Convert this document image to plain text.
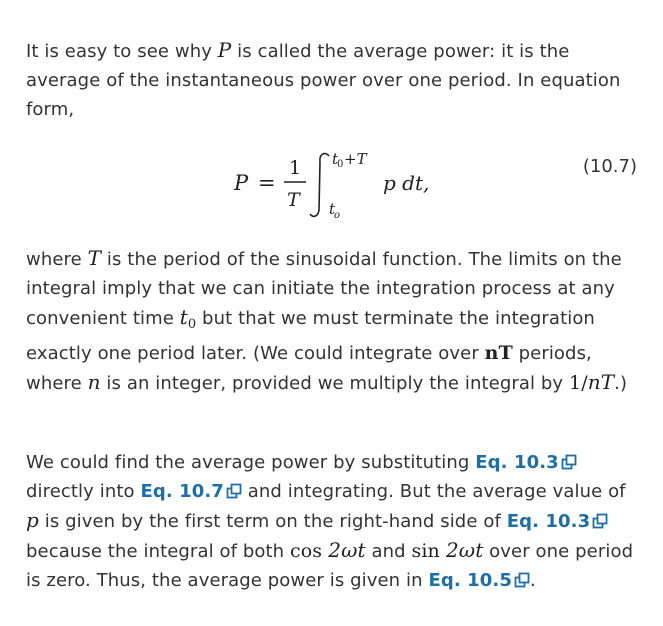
It is easy to see why P is called the average power: it is the average of the instantaneous power over one period. In equation form,

P =
1
T
t
0 +T
t
o
p dt,
(10.7)

where T is the period of the sinusoidal function. The limits on the integral imply that we can initiate the integration process at any convenient time $t_0$ but that we must terminate the integration exactly one period later. (We could integrate over nT periods, where n is an integer, provided we multiply the integral by 1/nT.)

We could find the average power by substituting Eq. 10.3
directly into Eq. 10.7
and integrating. But the average value of p is given by the first term on the right-hand side of Eq. 10.3
because the integral of both cos 2ωt and sin 2ωt over one period is zero. Thus, the average power is given in Eq. 10.5 .
